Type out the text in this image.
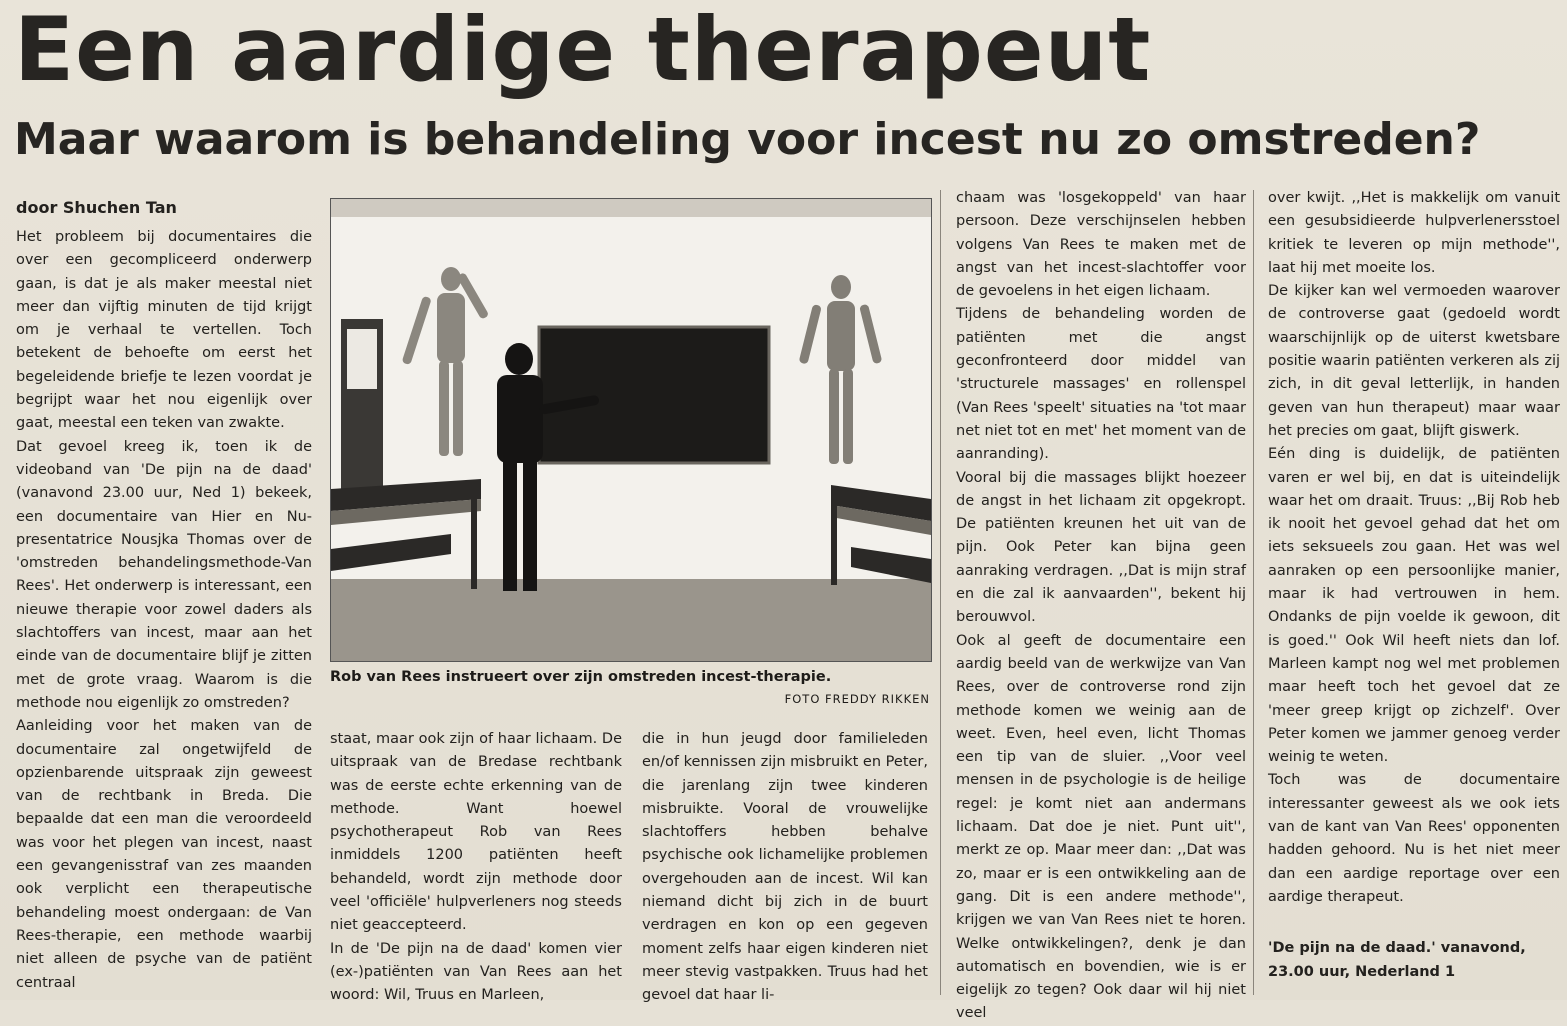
Een aardige therapeut
Maar waarom is behandeling voor incest nu zo omstreden?

door Shuchen Tan

Het probleem bij documentaires die over een gecompliceerd onderwerp gaan, is dat je als maker meestal niet meer dan vijftig minuten de tijd krijgt om je verhaal te vertellen. Toch betekent de behoefte om eerst het begeleidende briefje te lezen voordat je begrijpt waar het nou eigenlijk over gaat, meestal een teken van zwakte.

Dat gevoel kreeg ik, toen ik de videoband van 'De pijn na de daad' (vanavond 23.00 uur, Ned 1) bekeek, een documentaire van Hier en Nu-presentatrice Nousjka Thomas over de 'omstreden behandelingsmethode-Van Rees'. Het onderwerp is interessant, een nieuwe therapie voor zowel daders als slachtoffers van incest, maar aan het einde van de documentaire blijf je zitten met de grote vraag. Waarom is die methode nou eigenlijk zo omstreden?

Aanleiding voor het maken van de documentaire zal ongetwijfeld de opzienbarende uitspraak zijn geweest van de rechtbank in Breda. Die bepaalde dat een man die veroordeeld was voor het plegen van incest, naast een gevangenisstraf van zes maanden ook verplicht een therapeutische behandeling moest ondergaan: de Van Rees-therapie, een methode waarbij niet alleen de psyche van de patiënt centraal

Rob van Rees instrueert over zijn omstreden incest-therapie.
FOTO FREDDY RIKKEN

staat, maar ook zijn of haar lichaam. De uitspraak van de Bredase rechtbank was de eerste echte erkenning van de methode. Want hoewel psychotherapeut Rob van Rees inmiddels 1200 patiënten heeft behandeld, wordt zijn methode door veel 'officiële' hulpverleners nog steeds niet geaccepteerd.

In de 'De pijn na de daad' komen vier (ex-)patiënten van Van Rees aan het woord: Wil, Truus en Marleen,

die in hun jeugd door familieleden en/of kennissen zijn misbruikt en Peter, die jarenlang zijn twee kinderen misbruikte. Vooral de vrouwelijke slachtoffers hebben behalve psychische ook lichamelijke problemen overgehouden aan de incest. Wil kan niemand dicht bij zich in de buurt verdragen en kon op een gegeven moment zelfs haar eigen kinderen niet meer stevig vastpakken. Truus had het gevoel dat haar li-

chaam was 'losgekoppeld' van haar persoon. Deze verschijnselen hebben volgens Van Rees te maken met de angst van het incest-slachtoffer voor de gevoelens in het eigen lichaam.

Tijdens de behandeling worden de patiënten met die angst geconfronteerd door middel van 'structurele massages' en rollenspel (Van Rees 'speelt' situaties na 'tot maar net niet tot en met' het moment van de aanranding).

Vooral bij die massages blijkt hoezeer de angst in het lichaam zit opgekropt. De patiënten kreunen het uit van de pijn. Ook Peter kan bijna geen aanraking verdragen. ,,Dat is mijn straf en die zal ik aanvaarden'', bekent hij berouwvol.

Ook al geeft de documentaire een aardig beeld van de werkwijze van Van Rees, over de controverse rond zijn methode komen we weinig aan de weet. Even, heel even, licht Thomas een tip van de sluier. ,,Voor veel mensen in de psychologie is de heilige regel: je komt niet aan andermans lichaam. Dat doe je niet. Punt uit'', merkt ze op. Maar meer dan: ,,Dat was zo, maar er is een ontwikkeling aan de gang. Dit is een andere methode'', krijgen we van Van Rees niet te horen. Welke ontwikkelingen?, denk je dan automatisch en bovendien, wie is er eigelijk zo tegen? Ook daar wil hij niet veel

over kwijt. ,,Het is makkelijk om vanuit een gesubsidieerde hulpverlenersstoel kritiek te leveren op mijn methode'', laat hij met moeite los.

De kijker kan wel vermoeden waarover de controverse gaat (gedoeld wordt waarschijnlijk op de uiterst kwetsbare positie waarin patiënten verkeren als zij zich, in dit geval letterlijk, in handen geven van hun therapeut) maar waar het precies om gaat, blijft giswerk.

Eén ding is duidelijk, de patiënten varen er wel bij, en dat is uiteindelijk waar het om draait. Truus: ,,Bij Rob heb ik nooit het gevoel gehad dat het om iets seksueels zou gaan. Het was wel aanraken op een persoonlijke manier, maar ik had vertrouwen in hem. Ondanks de pijn voelde ik gewoon, dit is goed.'' Ook Wil heeft niets dan lof. Marleen kampt nog wel met problemen maar heeft toch het gevoel dat ze 'meer greep krijgt op zichzelf'. Over Peter komen we jammer genoeg verder weinig te weten.

Toch was de documentaire interessanter geweest als we ook iets van de kant van Van Rees' opponenten hadden gehoord. Nu is het niet meer dan een aardige reportage over een aardige therapeut.

'De pijn na de daad.' vanavond, 23.00 uur, Nederland 1
